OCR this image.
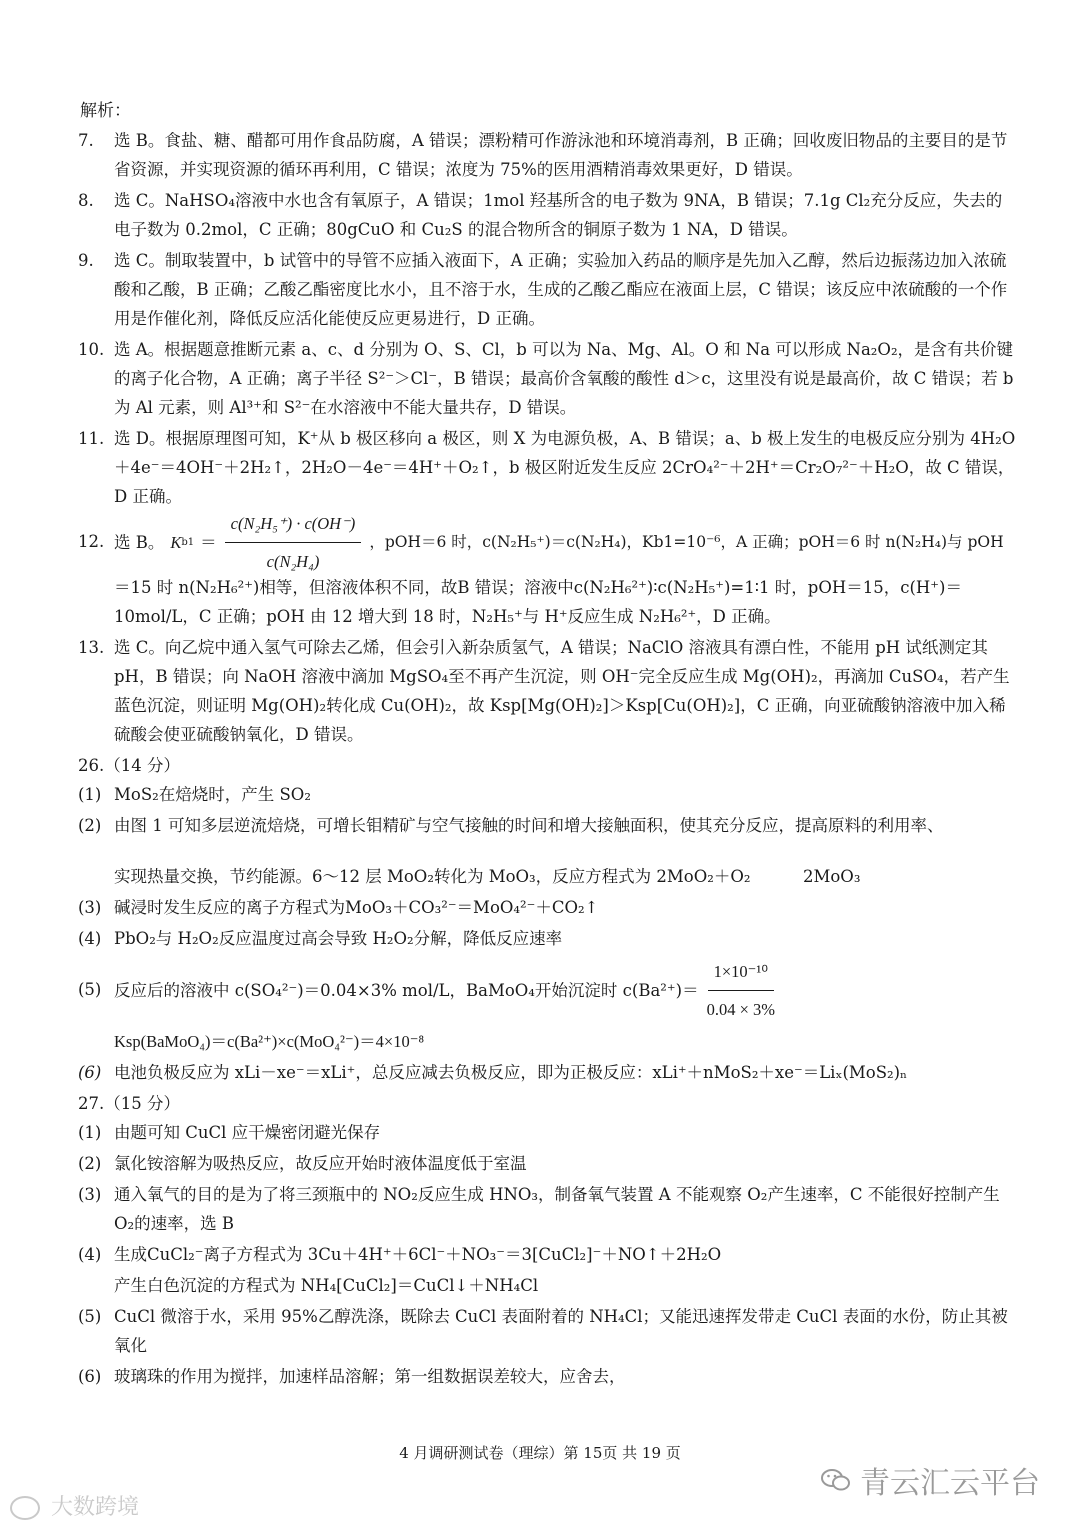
解析：
7.	选 B。食盐、糖、醋都可用作食品防腐，A 错误；漂粉精可作游泳池和环境消毒剂，B 正确；回收废旧物品的主要目的是节省资源，并实现资源的循环再利用，C 错误；浓度为 75%的医用酒精消毒效果更好，D 错误。
8.	选 C。NaHSO₄溶液中水也含有氧原子，A 错误；1mol 羟基所含的电子数为 9NA，B 错误；7.1g Cl₂充分反应，失去的电子数为 0.2mol，C 正确；80gCuO 和 Cu₂S 的混合物所含的铜原子数为 1 NA，D 错误。
9.	选 C。制取装置中，b 试管中的导管不应插入液面下，A 正确；实验加入药品的顺序是先加入乙醇，然后边振荡边加入浓硫酸和乙酸，B 正确；乙酸乙酯密度比水小，且不溶于水，生成的乙酸乙酯应在液面上层，C 错误；该反应中浓硫酸的一个作用是作催化剂，降低反应活化能使反应更易进行，D 正确。
10. 选 A。根据题意推断元素 a、c、d 分别为 O、S、Cl，b 可以为 Na、Mg、Al。O 和 Na 可以形成 Na₂O₂，是含有共价键的离子化合物，A 正确；离子半径 S²⁻＞Cl⁻，B 错误；最高价含氧酸的酸性 d＞c，这里没有说是最高价，故 C 错误；若 b 为 Al 元素，则 Al³⁺和 S²⁻在水溶液中不能大量共存，D 错误。
11. 选 D。根据原理图可知，K⁺从 b 极区移向 a 极区，则 X 为电源负极，A、B 错误；a、b 极上发生的电极反应分别为 4H₂O＋4e⁻＝4OH⁻＋2H₂↑，2H₂O－4e⁻＝4H⁺＋O₂↑，b 极区附近发生反应 2CrO₄²⁻＋2H⁺＝Cr₂O₇²⁻＋H₂O，故 C 错误，D 正确。
12. 选 B。 K $b1 = \frac{\text{c(N₂H₅⁺) · c(OH⁻)}}{\text{c(N₂H₄)}}$ ，pOH＝6 时，c(N₂H₅⁺)＝c(N₂H₄)，Kb1=10⁻⁶，A 正确；pOH＝6 时 n(N₂H₄)与 pOH
＝15 时 n(N₂H₆²⁺)相等，但溶液体积不同，故B 错误；溶液中c(N₂H₆²⁺)∶c(N₂H₅⁺)=1∶1 时，pOH＝15，c(H⁺)＝10mol/L，C 正确；pOH 由 12 增大到 18 时，N₂H₅⁺与 H⁺反应生成 N₂H₆²⁺，D 正确。
13. 选 C。向乙烷中通入氢气可除去乙烯，但会引入新杂质氢气，A 错误；NaClO 溶液具有漂白性，不能用 pH 试纸测定其 pH，B 错误；向 NaOH 溶液中滴加 MgSO₄至不再产生沉淀，则 OH⁻完全反应生成 Mg(OH)₂，再滴加 CuSO₄，若产生蓝色沉淀，则证明 Mg(OH)₂转化成 Cu(OH)₂，故 Ksp[Mg(OH)₂]＞Ksp[Cu(OH)₂]，C 正确，向亚硫酸钠溶液中加入稀硫酸会使亚硫酸钠氧化，D 错误。
26.（14 分）
(1) MoS₂在焙烧时，产生 SO₂
(2) 由图 1 可知多层逆流焙烧，可增长钼精矿与空气接触的时间和增大接触面积，使其充分反应，提高原料的利用率、
实现热量交换，节约能源。6～12 层 MoO₂转化为 MoO₃，反应方程式为 2MoO₂＋O₂          2MoO₃
(3) 碱浸时发生反应的离子方程式为MoO₃＋CO₃²⁻＝MoO₄²⁻＋CO₂↑
(4) PbO₂与 H₂O₂反应温度过高会导致 H₂O₂分解，降低反应速率
(5) 反应后的溶液中 c(SO₄²⁻)＝0.04×3% mol/L，BaMoO₄开始沉淀时 $c(Ba^{2+})= \frac{\text{1×10⁻¹⁰}}{0.04 \times 3\%}$
Ksp(BaMoO₄)＝c(Ba²⁺)×c(MoO₄²⁻)＝4×10⁻⁸
(6) 电池负极反应为 xLi－xe⁻＝xLi⁺，总反应减去负极反应，即为正极反应：xLi⁺＋nMoS₂＋xe⁻＝Liₓ(MoS₂)ₙ
27.（15 分）
(1) 由题可知 CuCl 应干燥密闭避光保存
(2) 氯化铵溶解为吸热反应，故反应开始时液体温度低于室温
(3) 通入氧气的目的是为了将三颈瓶中的 NO₂反应生成 HNO₃，制备氧气装置 A 不能观察 O₂产生速率，C 不能很好控制产生 O₂的速率，选 B
(4) 生成CuCl₂⁻离子方程式为 3Cu＋4H⁺＋6Cl⁻＋NO₃⁻＝3[CuCl₂]⁻＋NO↑＋2H₂O
产生白色沉淀的方程式为 NH₄[CuCl₂]＝CuCl↓＋NH₄Cl
(5) CuCl 微溶于水，采用 95%乙醇洗涤，既除去 CuCl 表面附着的 NH₄Cl；又能迅速挥发带走 CuCl 表面的水份，防止其被氧化
(6) 玻璃珠的作用为搅拌，加速样品溶解；第一组数据误差较大，应舍去，
4 月调研测试卷（理综）第 15页 共 19 页
大数跨境
青云汇云平台
